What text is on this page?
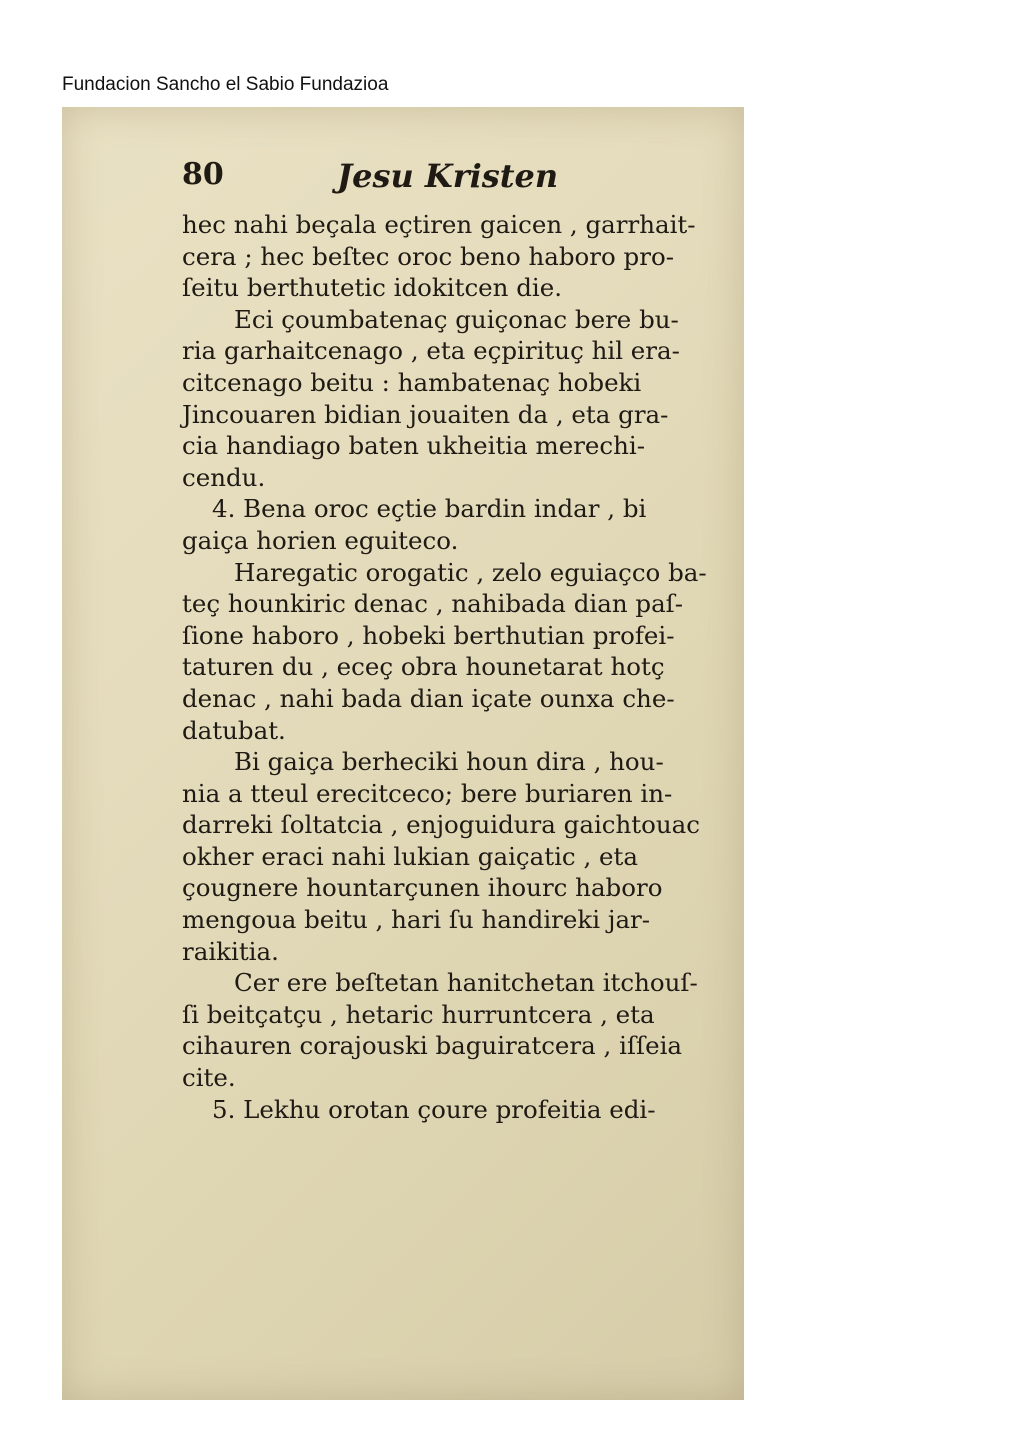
Fundacion Sancho el Sabio Fundazioa
80	Jesu Kristen

hec nahi beçala eçtiren gaicen , garrhait-
cera ; hec beſtec oroc beno haboro pro-
ſeitu berthutetic idokitcen die.

Eci çoumbatenaç guiçonac bere bu-
ria garhaitcenago , eta eçpirituç hil era-
citcenago beitu : hambatenaç hobeki
Jincouaren bidian jouaiten da , eta gra-
cia handiago baten ukheitia merechi-
cendu.

4. Bena oroc eçtie bardin indar , bi
gaiça horien eguiteco.

Haregatic orogatic , zelo eguiaçco ba-
teç hounkiric denac , nahibada dian paſ-
ſione haboro , hobeki berthutian profei-
taturen du , eceç obra hounetarat hotç
denac , nahi bada dian içate ounxa che-
datubat.

Bi gaiça berheciki houn dira , hou-
nia a tteul erecitceco; bere buriaren in-
darreki ſoltatcia , enjoguidura gaichtouac
okher eraci nahi lukian gaiçatic , eta
çougnere hountarçunen ihourc haboro
mengoua beitu , hari ſu handireki jar-
raikitia.

Cer ere beſtetan hanitchetan itchouſ-
ſi beitçatçu , hetaric hurruntcera , eta
cihauren corajouski baguiratcera , iſſeia
cite.

5. Lekhu orotan çoure profeitia edi-
